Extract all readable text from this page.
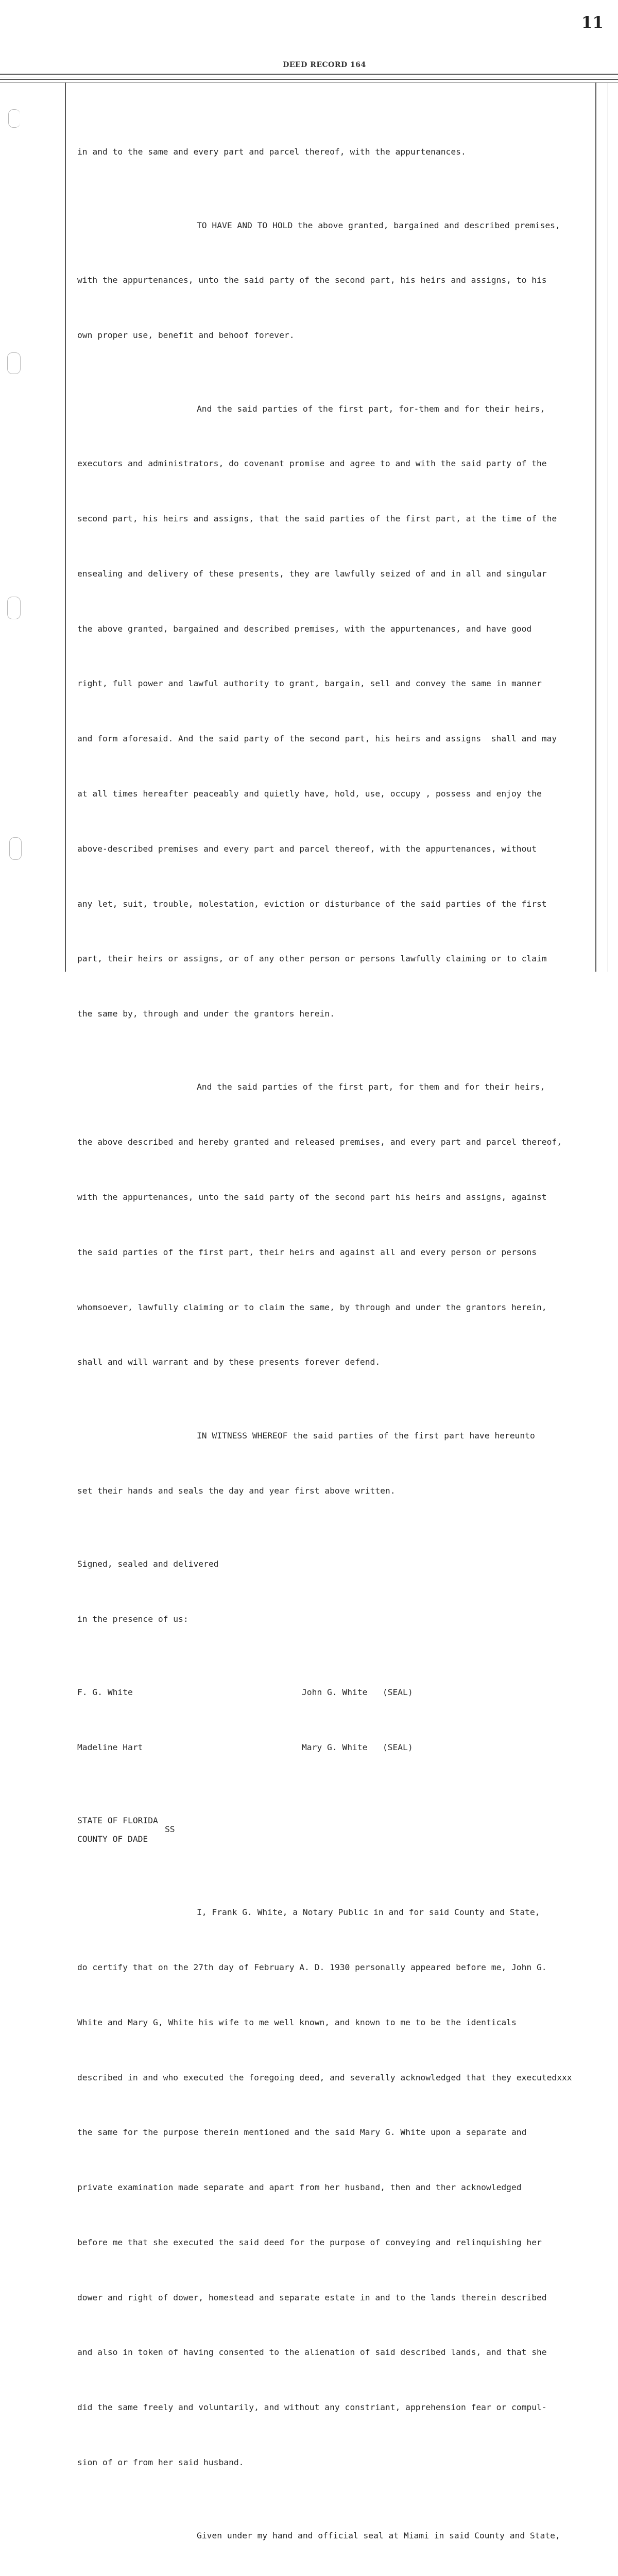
11
DEED RECORD 164

in and to the same and every part and parcel thereof, with the appurtenances.

TO HAVE AND TO HOLD the above granted, bargained and described premises,

with the appurtenances, unto the said party of the second part, his heirs and assigns, to his

own proper use, benefit and behoof forever.

And the said parties of the first part, for-them and for their heirs,

executors and administrators, do covenant promise and agree to and with the said party of the

second part, his heirs and assigns, that the said parties of the first part, at the time of the

ensealing and delivery of these presents, they are lawfully seized of and in all and singular

the above granted, bargained and described premises, with the appurtenances, and have good

right, full power and lawful authority to grant, bargain, sell and convey the same in manner

and form aforesaid. And the said party of the second part, his heirs and assigns  shall and may

at all times hereafter peaceably and quietly have, hold, use, occupy , possess and enjoy the

above-described premises and every part and parcel thereof, with the appurtenances, without

any let, suit, trouble, molestation, eviction or disturbance of the said parties of the first

part, their heirs or assigns, or of any other person or persons lawfully claiming or to claim

the same by, through and under the grantors herein.

And the said parties of the first part, for them and for their heirs,

the above described and hereby granted and released premises, and every part and parcel thereof,

with the appurtenances, unto the said party of the second part his heirs and assigns, against

the said parties of the first part, their heirs and against all and every person or persons

whomsoever, lawfully claiming or to claim the same, by through and under the grantors herein,

shall and will warrant and by these presents forever defend.

IN WITNESS WHEREOF the said parties of the first part have hereunto

set their hands and seals the day and year first above written.

Signed, sealed and delivered

in the presence of us:

F. G. White	John G. White   (SEAL)

Madeline Hart	Mary G. White   (SEAL)

STATE OF FLORIDA

SS

COUNTY OF DADE

I, Frank G. White, a Notary Public in and for said County and State,

do certify that on the 27th day of February A. D. 1930 personally appeared before me, John G.

White and Mary G, White his wife to me well known, and known to me to be the identicals

described in and who executed the foregoing deed, and severally acknowledged that they executedxxx

the same for the purpose therein mentioned and the said Mary G. White upon a separate and

private examination made separate and apart from her husband, then and ther acknowledged

before me that she executed the said deed for the purpose of conveying and relinquishing her

dower and right of dower, homestead and separate estate in and to the lands therein described

and also in token of having consented to the alienation of said described lands, and that she

did the same freely and voluntarily, and without any constriant, apprehension fear or compul-

sion of or from her said husband.

Given under my hand and official seal at Miami in said County and State,
